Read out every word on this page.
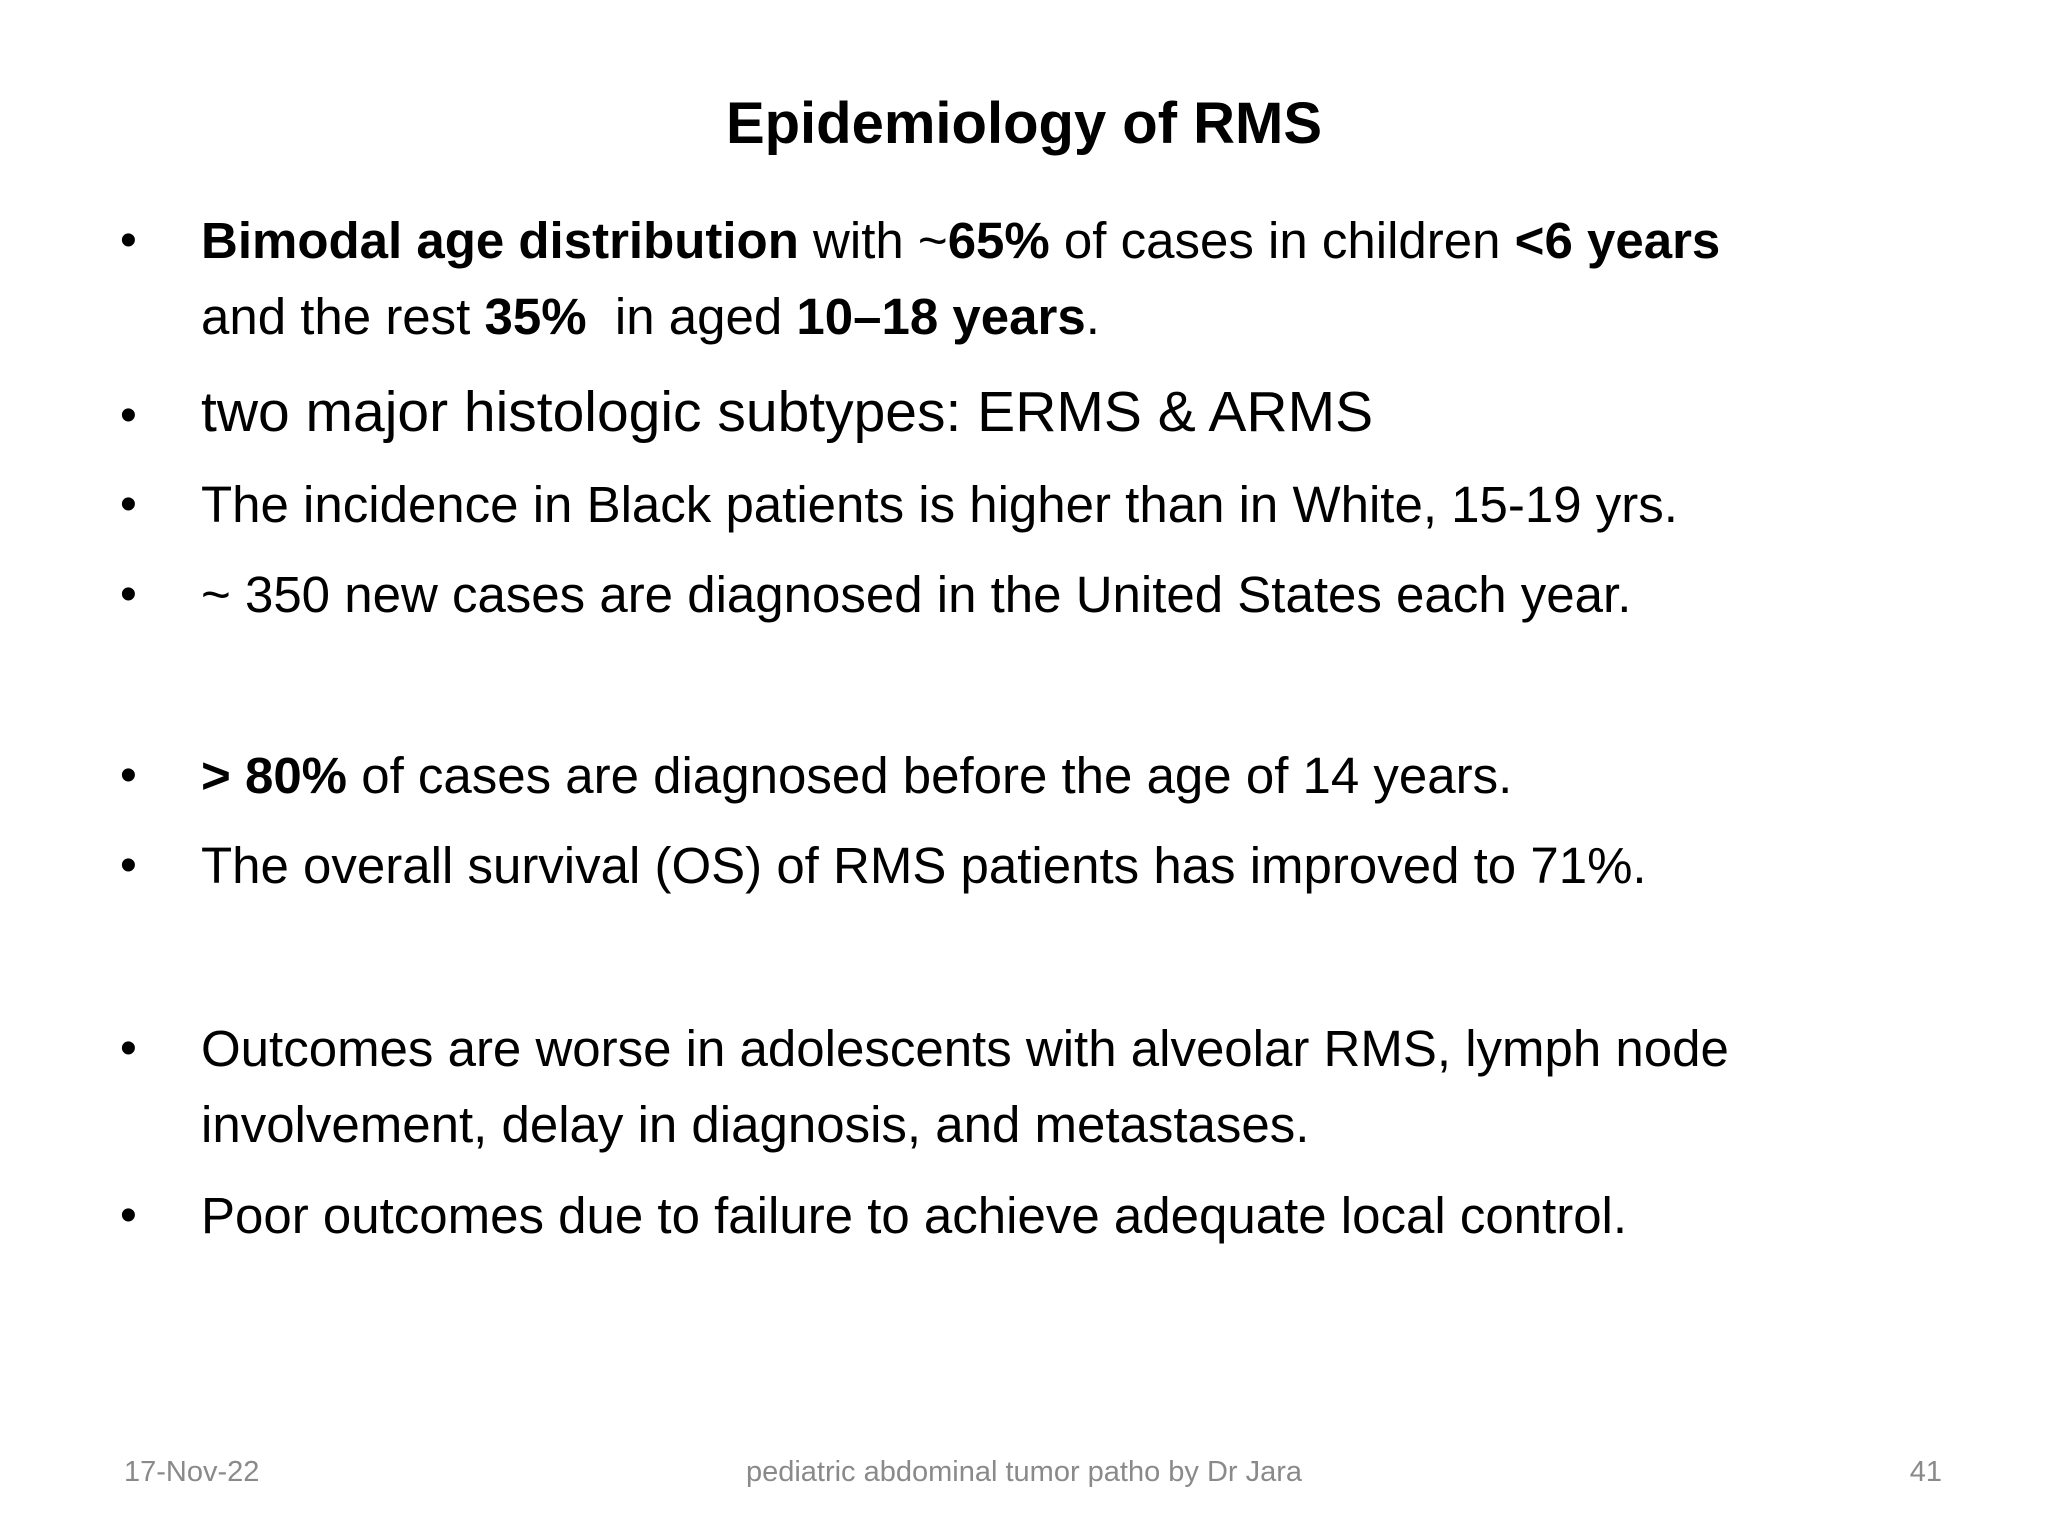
Epidemiology of RMS
•	Bimodal age distribution with ~65% of cases in children <6 years
and the rest 35%  in aged 10–18 years.
•	two major histologic subtypes: ERMS & ARMS
•	The incidence in Black patients is higher than in White, 15-19 yrs.
•	~ 350 new cases are diagnosed in the United States each year.
•	> 80% of cases are diagnosed before the age of 14 years.
•	The overall survival (OS) of RMS patients has improved to 71%.
•	Outcomes are worse in adolescents with alveolar RMS, lymph node
involvement, delay in diagnosis, and metastases.
•	Poor outcomes due to failure to achieve adequate local control.
17-Nov-22	pediatric abdominal tumor patho by Dr Jara	41
